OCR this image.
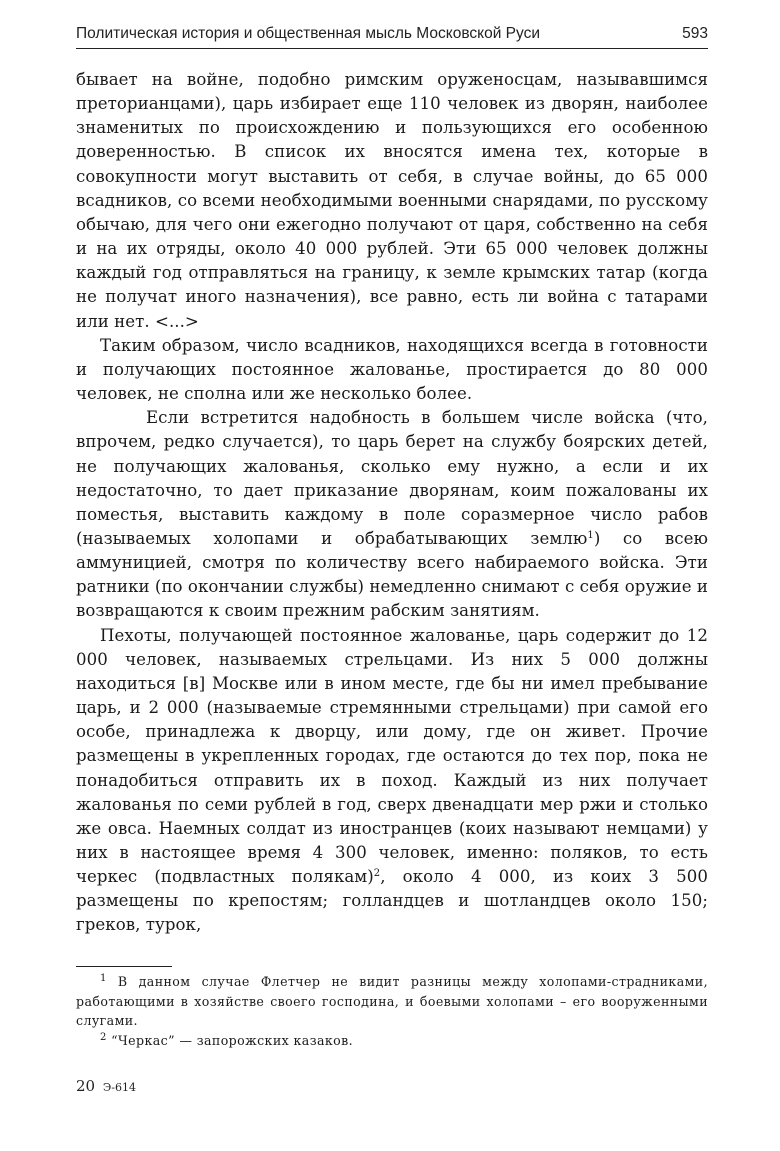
Политическая история и общественная мысль Московской Руси	593

бывает на войне, подобно римским оруженосцам, называвшимся преторианцами), царь избирает еще 110 человек из дворян, наиболее знаменитых по происхождению и пользующихся его особенною доверенностью. В список их вносятся имена тех, которые в совокупности могут выставить от себя, в случае войны, до 65 000 всадников, со всеми необходимыми военными снарядами, по русскому обычаю, для чего они ежегодно получают от царя, собственно на себя и на их отряды, около 40 000 рублей. Эти 65 000 человек должны каждый год отправляться на границу, к земле крымских татар (когда не получат иного назначения), все равно, есть ли война с татарами или нет. <...>

Таким образом, число всадников, находящихся всегда в готовности и получающих постоянное жалованье, простирается до 80 000 человек, не сполна или же несколько более.

Если встретится надобность в большем числе войска (что, впрочем, редко случается), то царь берет на службу боярских детей, не получающих жалованья, сколько ему нужно, а если и их недостаточно, то дает приказание дворянам, коим пожалованы их поместья, выставить каждому в поле соразмерное число рабов (называемых холопами и обрабатывающих землю$^1$) со всею аммуницией, смотря по количеству всего набираемого войска. Эти ратники (по окончании службы) немедленно снимают с себя оружие и возвращаются к своим прежним рабским занятиям.

Пехоты, получающей постоянное жалованье, царь содержит до 12 000 человек, называемых стрельцами. Из них 5 000 должны находиться [в] Москве или в ином месте, где бы ни имел пребывание царь, и 2 000 (называемые стремянными стрельцами) при самой его особе, принадлежа к дворцу, или дому, где он живет. Прочие размещены в укрепленных городах, где остаются до тех пор, пока не понадобиться отправить их в поход. Каждый из них получает жалованья по семи рублей в год, сверх двенадцати мер ржи и столько же овса. Наемных солдат из иностранцев (коих называют немцами) у них в настоящее время 4 300 человек, именно: поляков, то есть черкес (подвластных полякам)$^2$, около 4 000, из коих 3 500 размещены по крепостям; голландцев и шотландцев около 150; греков, турок,

$^1$ В данном случае Флетчер не видит разницы между холопами-страдниками, работающими в хозяйстве своего господина, и боевыми холопами – его вооруженными слугами.

$^2$ “Черкас” — запорожских казаков.

20 Э-614
